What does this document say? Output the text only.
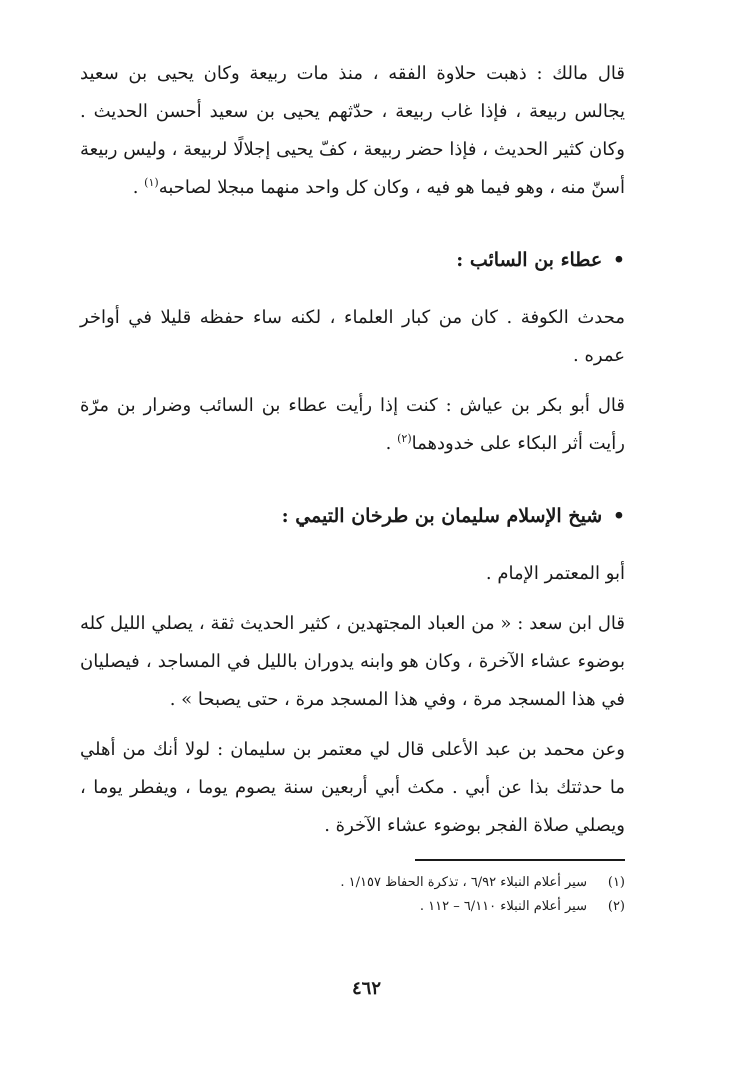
قال مالك : ذهبت حلاوة الفقه ، منذ مات ربيعة وكان يحيى بن سعيد يجالس ربيعة ، فإذا غاب ربيعة ، حدّثهم يحيى بن سعيد أحسن الحديث . وكان كثير الحديث ، فإذا حضر ربيعة ، كفّ يحيى إجلالًا لربيعة ، وليس ربيعة أسنّ منه ، وهو فيما هو فيه ، وكان كل واحد منهما مبجلا لصاحبه$^{(١)}$ .

• عطاء بن السائب :

محدث الكوفة . كان من كبار العلماء ، لكنه ساء حفظه قليلا في أواخر عمره .

قال أبو بكر بن عياش : كنت إذا رأيت عطاء بن السائب وضرار بن مرّة رأيت أثر البكاء على خدودهما$^{(٢)}$ .

• شيخ الإسلام سليمان بن طرخان التيمي :

أبو المعتمر الإمام .

قال ابن سعد : « من العباد المجتهدين ، كثير الحديث ثقة ، يصلي الليل كله بوضوء عشاء الآخرة ، وكان هو وابنه يدوران بالليل في المساجد ، فيصليان في هذا المسجد مرة ، وفي هذا المسجد مرة ، حتى يصبحا » .

وعن محمد بن عبد الأعلى قال لي معتمر بن سليمان : لولا أنك من أهلي ما حدثتك بذا عن أبي . مكث أبي أربعين سنة يصوم يوما ، ويفطر يوما ، ويصلي صلاة الفجر بوضوء عشاء الآخرة .

(١)
سير أعلام النبلاء ٦/٩٢ ، تذكرة الحفاظ ١/١٥٧ .

(٢)
سير أعلام النبلاء ٦/١١٠ – ١١٢ .

٤٦٢
